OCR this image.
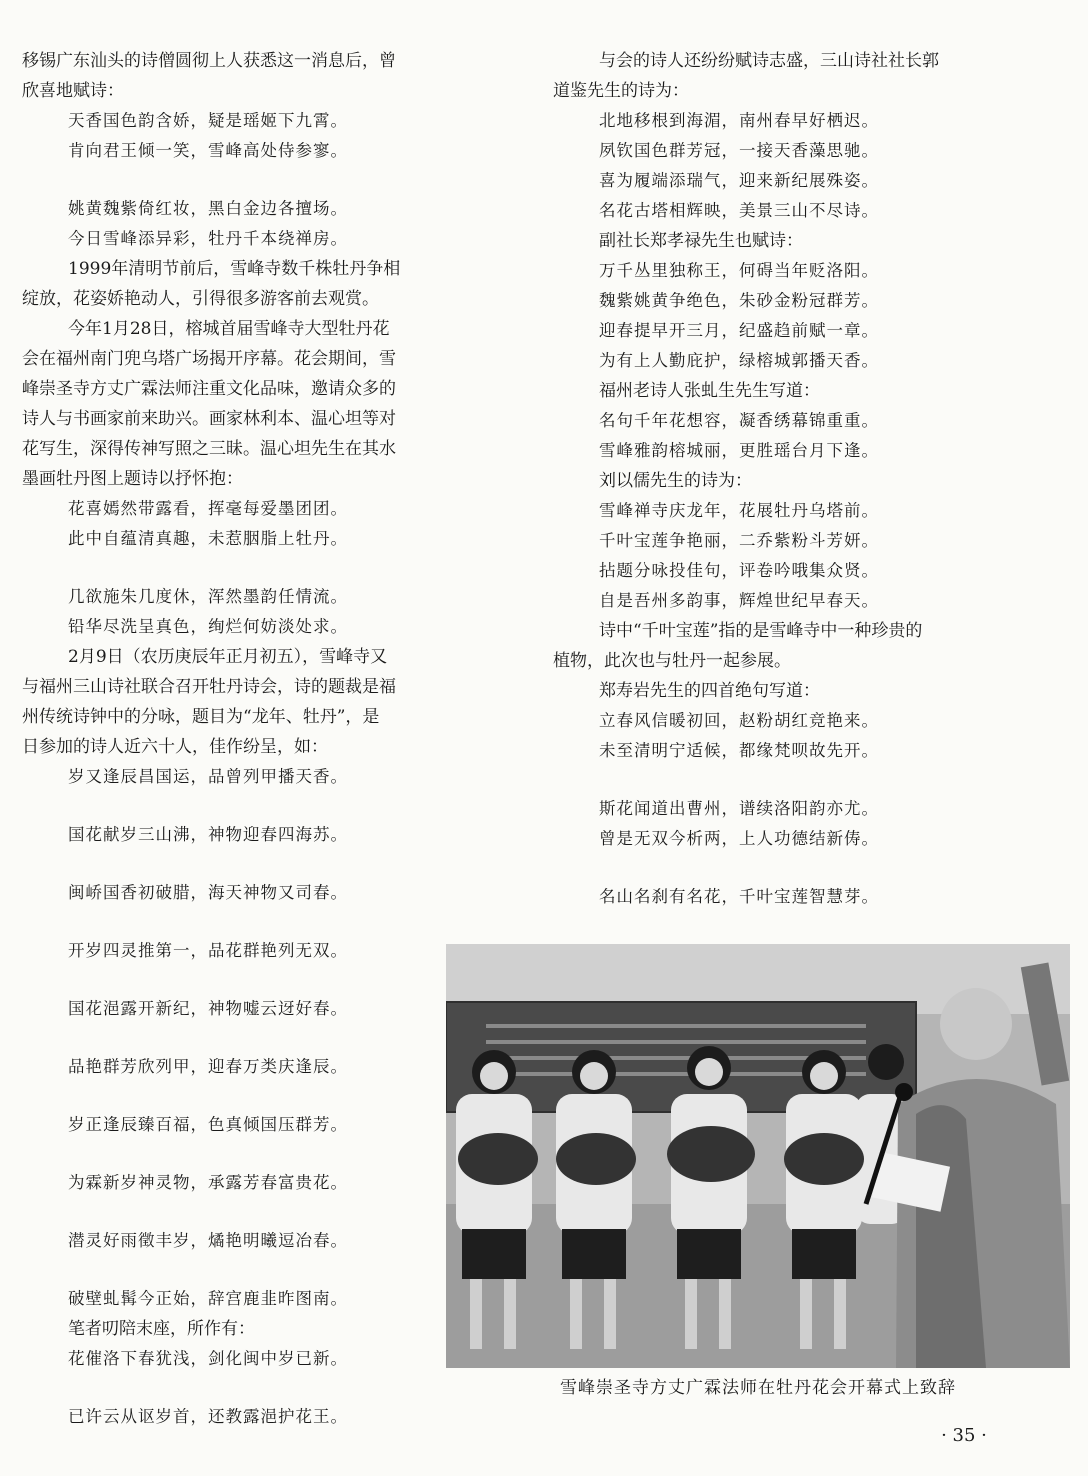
移锡广东汕头的诗僧圆彻上人获悉这一消息后，曾
欣喜地赋诗：
天香国色韵含娇，疑是瑶姬下九霄。
肯向君王倾一笑，雪峰高处侍参寥。
姚黄魏紫倚红妆，黑白金边各擅场。
今日雪峰添异彩，牡丹千本绕禅房。
1999年清明节前后，雪峰寺数千株牡丹争相
绽放，花姿娇艳动人，引得很多游客前去观赏。
今年1月28日，榕城首届雪峰寺大型牡丹花
会在福州南门兜乌塔广场揭开序幕。花会期间，雪
峰崇圣寺方丈广霖法师注重文化品味，邀请众多的
诗人与书画家前来助兴。画家林利本、温心坦等对
花写生，深得传神写照之三昧。温心坦先生在其水
墨画牡丹图上题诗以抒怀抱：
花喜嫣然带露看，挥毫每爱墨团团。
此中自蕴清真趣，未惹胭脂上牡丹。
几欲施朱几度休，浑然墨韵任情流。
铅华尽洗呈真色，绚烂何妨淡处求。
2月9日（农历庚辰年正月初五），雪峰寺又
与福州三山诗社联合召开牡丹诗会，诗的题裁是福
州传统诗钟中的分咏，题目为“龙年、牡丹”，是
日参加的诗人近六十人，佳作纷呈，如：
岁又逢辰昌国运，品曾列甲播天香。
国花献岁三山沸，神物迎春四海苏。
闽峤国香初破腊，海天神物又司春。
开岁四灵推第一，品花群艳列无双。
国花浥露开新纪，神物嘘云迓好春。
品艳群芳欣列甲，迎春万类庆逢辰。
岁正逢辰臻百福，色真倾国压群芳。
为霖新岁神灵物，承露芳春富贵花。
潜灵好雨徵丰岁，燏艳明曦逗冶春。
破壁虬髯今正始，辞宫鹿韭昨图南。
笔者叨陪末座，所作有：
花催洛下春犹浅，剑化闽中岁已新。
已许云从讴岁首，还教露浥护花王。
与会的诗人还纷纷赋诗志盛，三山诗社社长郭
道鉴先生的诗为：
北地移根到海湄，南州春早好栖迟。
夙钦国色群芳冠，一接天香藻思驰。
喜为履端添瑞气，迎来新纪展殊姿。
名花古塔相辉映，美景三山不尽诗。
副社长郑孝禄先生也赋诗：
万千丛里独称王，何碍当年贬洛阳。
魏紫姚黄争绝色，朱砂金粉冠群芳。
迎春提早开三月，纪盛趋前赋一章。
为有上人勤庇护，绿榕城郭播天香。
福州老诗人张虬生先生写道：
名句千年花想容，凝香绣幕锦重重。
雪峰雅韵榕城丽，更胜瑶台月下逢。
刘以儒先生的诗为：
雪峰禅寺庆龙年，花展牡丹乌塔前。
千叶宝莲争艳丽，二乔紫粉斗芳妍。
拈题分咏投佳句，评卷吟哦集众贤。
自是吾州多韵事，辉煌世纪早春天。
诗中“千叶宝莲”指的是雪峰寺中一种珍贵的
植物，此次也与牡丹一起参展。
郑寿岩先生的四首绝句写道：
立春风信暖初回，赵粉胡红竞艳来。
未至清明宁适候，都缘梵呗故先开。
斯花闻道出曹州，谱续洛阳韵亦尤。
曾是无双今析两，上人功德结新俦。
名山名刹有名花，千叶宝莲智慧芽。
雪峰崇圣寺方丈广霖法师在牡丹花会开幕式上致辞
· 35 ·
